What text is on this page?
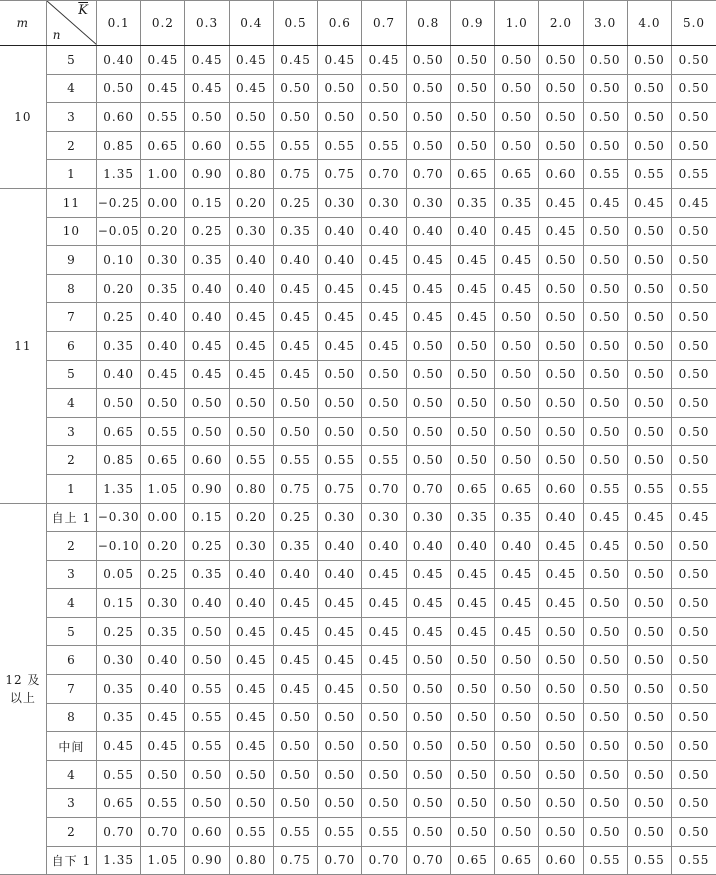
m	$\overline{K}$
n	0.1	0.2	0.3	0.4	0.5	0.6	0.7	0.8	0.9	1.0	2.0	3.0	4.0	5.0
10	5	0.40	0.45	0.45	0.45	0.45	0.45	0.45	0.50	0.50	0.50	0.50	0.50	0.50	0.50
	4	0.50	0.45	0.45	0.45	0.50	0.50	0.50	0.50	0.50	0.50	0.50	0.50	0.50	0.50
	3	0.60	0.55	0.50	0.50	0.50	0.50	0.50	0.50	0.50	0.50	0.50	0.50	0.50	0.50
	2	0.85	0.65	0.60	0.55	0.55	0.55	0.55	0.50	0.50	0.50	0.50	0.50	0.50	0.50
	1	1.35	1.00	0.90	0.80	0.75	0.75	0.70	0.70	0.65	0.65	0.60	0.55	0.55	0.55
11	11	−0.25	0.00	0.15	0.20	0.25	0.30	0.30	0.30	0.35	0.35	0.45	0.45	0.45	0.45
	10	−0.05	0.20	0.25	0.30	0.35	0.40	0.40	0.40	0.40	0.45	0.45	0.50	0.50	0.50
	9	0.10	0.30	0.35	0.40	0.40	0.40	0.45	0.45	0.45	0.45	0.50	0.50	0.50	0.50
	8	0.20	0.35	0.40	0.40	0.45	0.45	0.45	0.45	0.45	0.45	0.50	0.50	0.50	0.50
	7	0.25	0.40	0.40	0.45	0.45	0.45	0.45	0.45	0.45	0.50	0.50	0.50	0.50	0.50
	6	0.35	0.40	0.45	0.45	0.45	0.45	0.45	0.50	0.50	0.50	0.50	0.50	0.50	0.50
	5	0.40	0.45	0.45	0.45	0.45	0.50	0.50	0.50	0.50	0.50	0.50	0.50	0.50	0.50
	4	0.50	0.50	0.50	0.50	0.50	0.50	0.50	0.50	0.50	0.50	0.50	0.50	0.50	0.50
	3	0.65	0.55	0.50	0.50	0.50	0.50	0.50	0.50	0.50	0.50	0.50	0.50	0.50	0.50
	2	0.85	0.65	0.60	0.55	0.55	0.55	0.55	0.50	0.50	0.50	0.50	0.50	0.50	0.50
	1	1.35	1.05	0.90	0.80	0.75	0.75	0.70	0.70	0.65	0.65	0.60	0.55	0.55	0.55
12 及
以上	自上 1	−0.30	0.00	0.15	0.20	0.25	0.30	0.30	0.30	0.35	0.35	0.40	0.45	0.45	0.45
	2	−0.10	0.20	0.25	0.30	0.35	0.40	0.40	0.40	0.40	0.40	0.45	0.45	0.50	0.50
	3	0.05	0.25	0.35	0.40	0.40	0.40	0.45	0.45	0.45	0.45	0.45	0.50	0.50	0.50
	4	0.15	0.30	0.40	0.40	0.45	0.45	0.45	0.45	0.45	0.45	0.45	0.50	0.50	0.50
	5	0.25	0.35	0.50	0.45	0.45	0.45	0.45	0.45	0.45	0.45	0.50	0.50	0.50	0.50
	6	0.30	0.40	0.50	0.45	0.45	0.45	0.45	0.50	0.50	0.50	0.50	0.50	0.50	0.50
	7	0.35	0.40	0.55	0.45	0.45	0.45	0.50	0.50	0.50	0.50	0.50	0.50	0.50	0.50
	8	0.35	0.45	0.55	0.45	0.50	0.50	0.50	0.50	0.50	0.50	0.50	0.50	0.50	0.50
	中间	0.45	0.45	0.55	0.45	0.50	0.50	0.50	0.50	0.50	0.50	0.50	0.50	0.50	0.50
	4	0.55	0.50	0.50	0.50	0.50	0.50	0.50	0.50	0.50	0.50	0.50	0.50	0.50	0.50
	3	0.65	0.55	0.50	0.50	0.50	0.50	0.50	0.50	0.50	0.50	0.50	0.50	0.50	0.50
	2	0.70	0.70	0.60	0.55	0.55	0.55	0.55	0.50	0.50	0.50	0.50	0.50	0.50	0.50
	自下 1	1.35	1.05	0.90	0.80	0.75	0.70	0.70	0.70	0.65	0.65	0.60	0.55	0.55	0.55
